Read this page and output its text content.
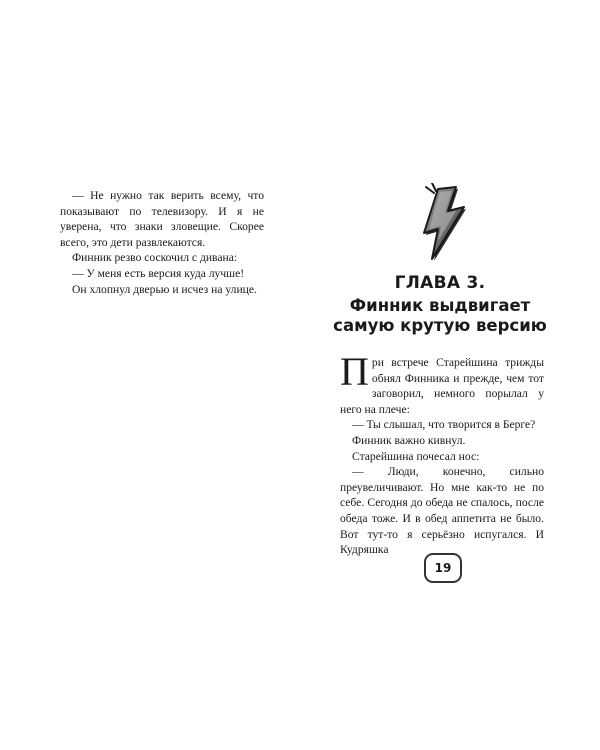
— Не нужно так верить всему, что показывают по телевизору. И я не уверена, что знаки зловещие. Скорее всего, это дети развлекаются.

Финник резво соскочил с дивана:

— У меня есть версия куда лучше!

Он хлопнул дверью и исчез на улице.	ГЛАВА 3.
Финник выдвигает
самую крутую версию

При встрече Старейшина трижды обнял Финника и прежде, чем тот заговорил, немного порылал у него на плече:

— Ты слышал, что творится в Берге?

Финник важно кивнул.

Старейшина почесал нос:

— Люди, конечно, сильно преувеличивают. Но мне как-то не по себе. Сегодня до обеда не спалось, после обеда тоже. И в обед аппетита не было. Вот тут-то я серьёзно испугался. И Кудряшка

19
